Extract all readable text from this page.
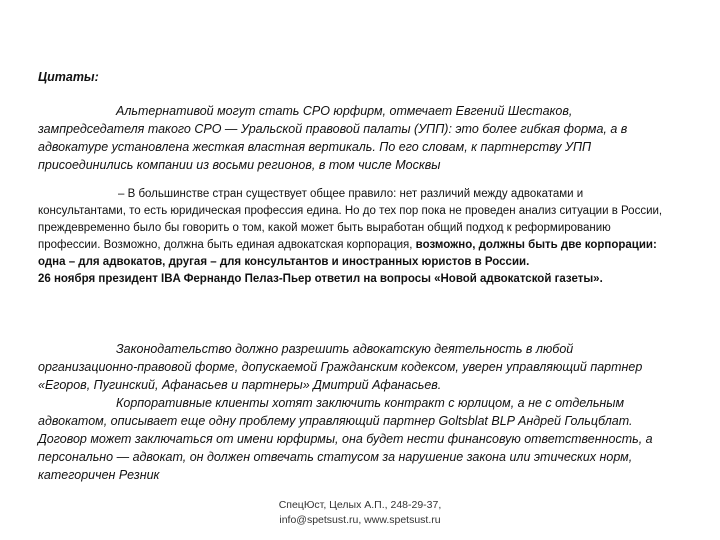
Цитаты:

Альтернативой могут стать СРО юрфирм, отмечает Евгений Шестаков, зампредседателя такого СРО — Уральской правовой палаты (УПП): это более гибкая форма, а в адвокатуре установлена жесткая властная вертикаль. По его словам, к партнерству УПП присоединились компании из восьми регионов, в том числе Москвы

– В большинстве стран существует общее правило: нет различий между адвокатами и консультантами, то есть юридическая профессия едина. Но до тех пор пока не проведен анализ ситуации в России, преждевременно было бы говорить о том, какой может быть выработан общий подход к реформированию профессии. Возможно, должна быть единая адвокатская корпорация, возможно, должны быть две корпорации: одна – для адвокатов, другая – для консультантов и иностранных юристов в России.
26 ноября президент IBA Фернандо Пелаз-Пьер ответил на вопросы «Новой адвокатской газеты».

Законодательство должно разрешить адвокатскую деятельность в любой организационно-правовой форме, допускаемой Гражданским кодексом, уверен управляющий партнер «Егоров, Пугинский, Афанасьев и партнеры» Дмитрий Афанасьев.

Корпоративные клиенты хотят заключить контракт с юрлицом, а не с отдельным адвокатом, описывает еще одну проблему управляющий партнер Goltsblat BLP Андрей Гольцблат. Договор может заключаться от имени юрфирмы, она будет нести финансовую ответственность, а персонально — адвокат, он должен отвечать статусом за нарушение закона или этических норм, категоричен Резник

СпецЮст, Целых А.П., 248-29-37,
info@spetsust.ru, www.spetsust.ru
